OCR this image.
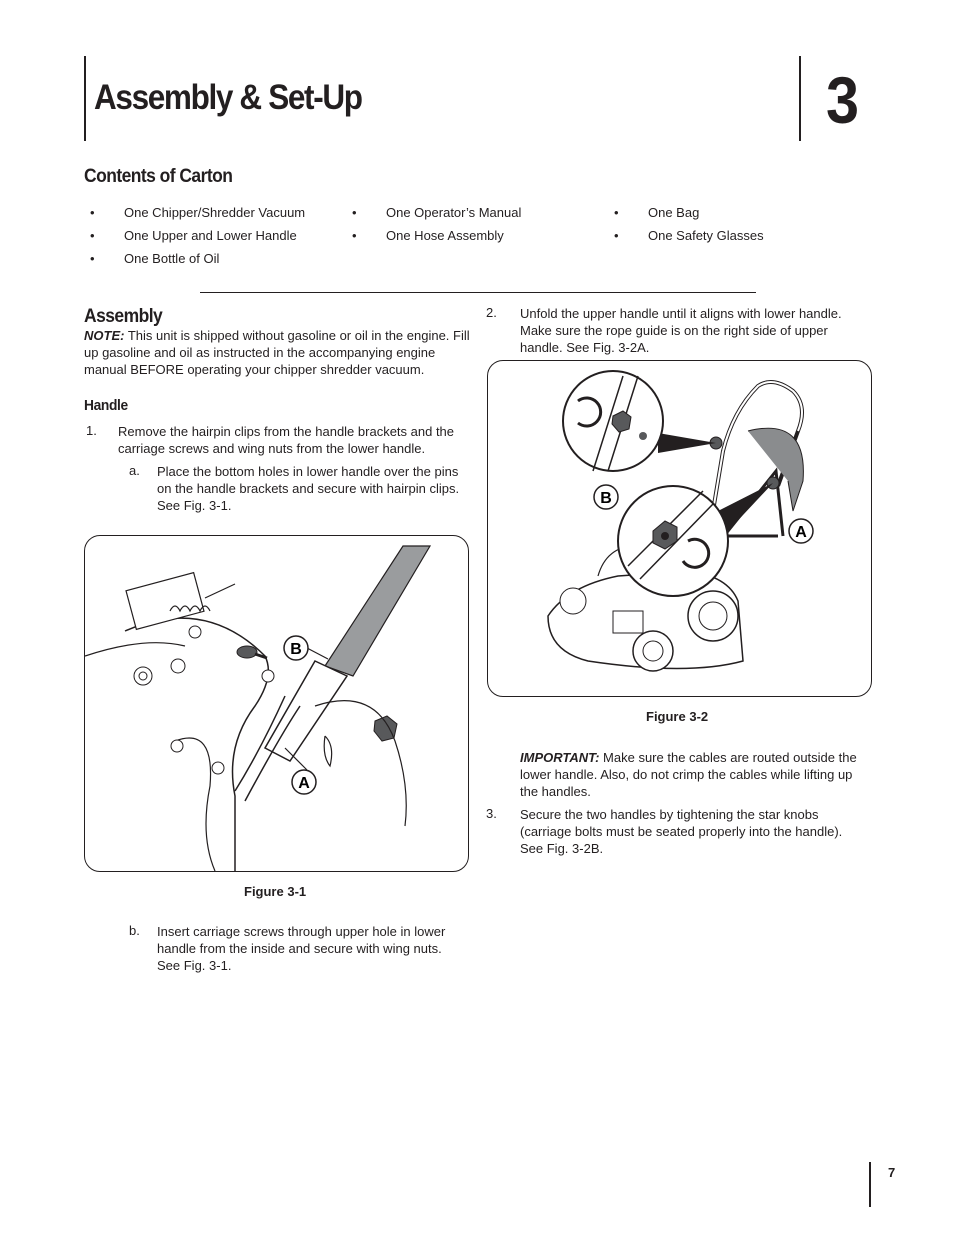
Assembly & Set-Up	3
Contents of Carton
• One Chipper/Shredder Vacuum
• One Upper and Lower Handle
• One Bottle of Oil
• One Operator’s Manual
• One Hose Assembly
• One Bag
• One Safety Glasses
Assembly

NOTE: This unit is shipped without gasoline or oil in the engine. Fill up gasoline and oil as instructed in the accompanying engine manual BEFORE operating your chipper shredder vacuum.

Handle
1. Remove the hairpin clips from the handle brackets and the carriage screws and wing nuts from the lower handle.

a. Place the bottom holes in lower handle over the pins on the handle brackets and secure with hairpin clips. See Fig. 3-1.

B
A
Figure 3-1
b. Insert carriage screws through upper hole in lower handle from the inside and secure with wing nuts. See Fig. 3-1.

2. Unfold the upper handle until it aligns with lower handle. Make sure the rope guide is on the right side of upper handle. See Fig. 3-2A.

B
A
Figure 3-2

IMPORTANT: Make sure the cables are routed outside the lower handle. Also, do not crimp the cables while lifting up the handles.

3. Secure the two handles by tightening the star knobs (carriage bolts must be seated properly into the handle). See Fig. 3-2B.

7
